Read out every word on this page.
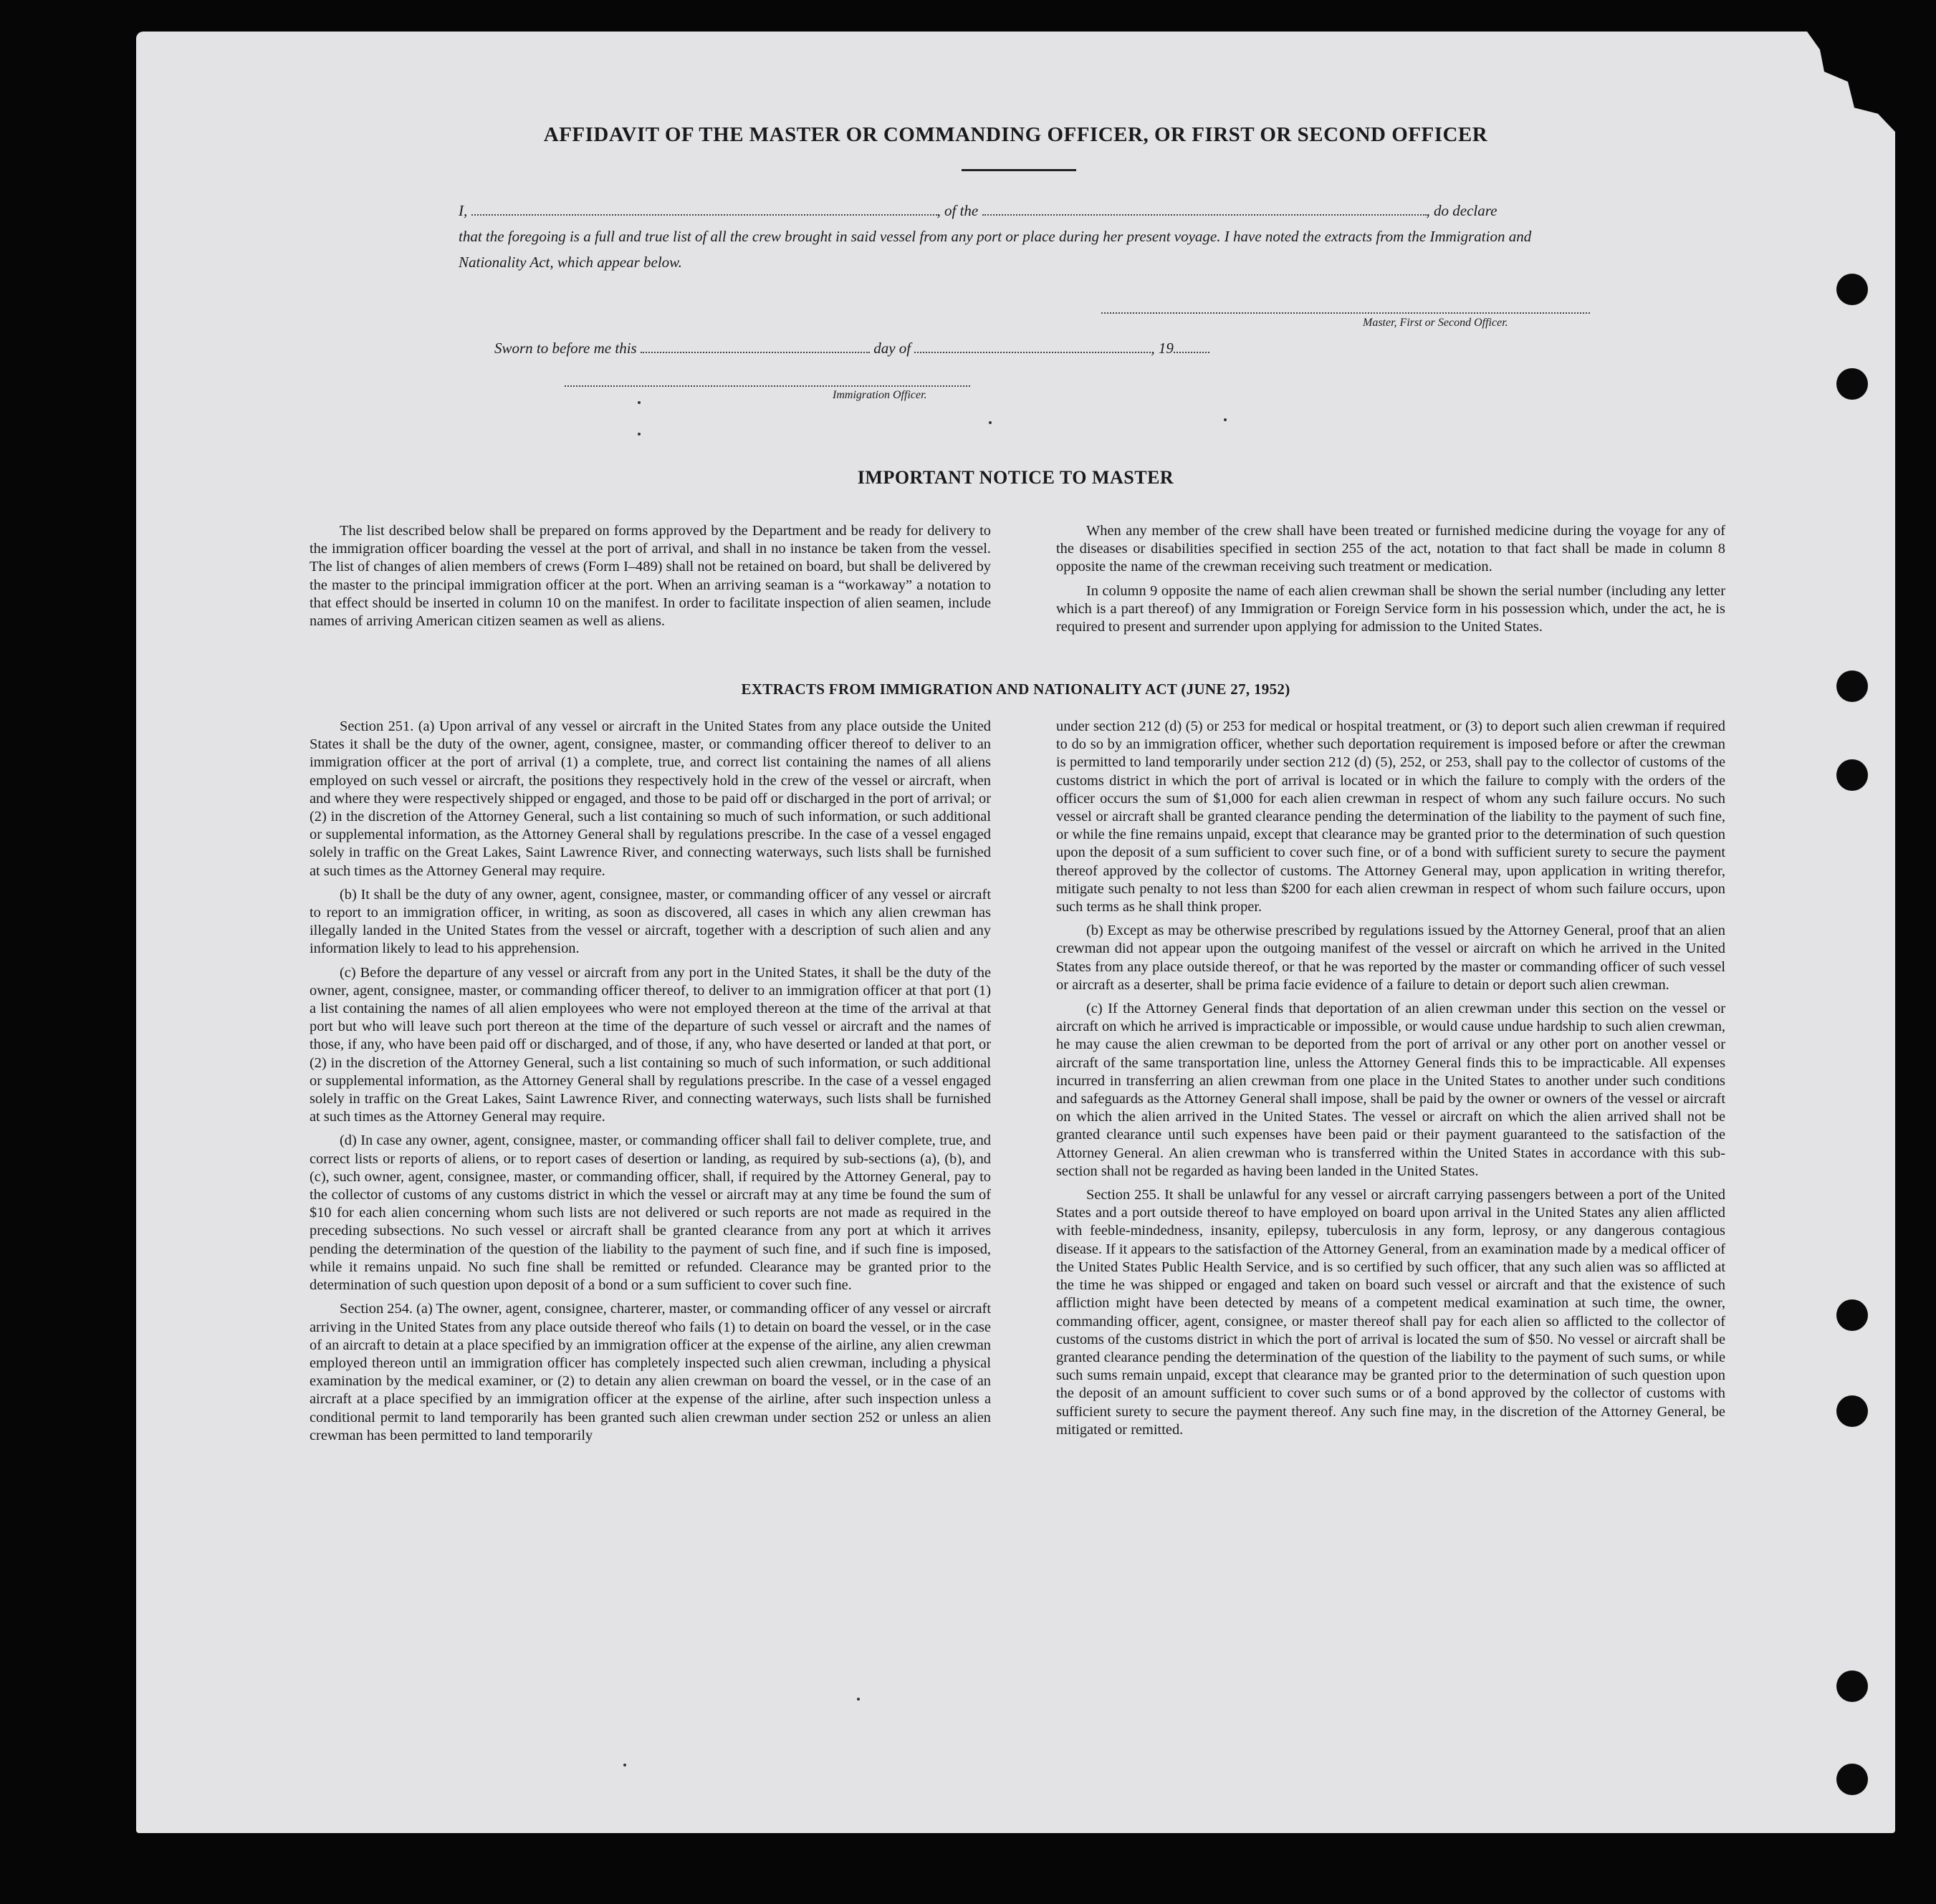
AFFIDAVIT OF THE MASTER OR COMMANDING OFFICER, OR FIRST OR SECOND OFFICER
I,	, of the	, do declare
that the foregoing is a full and true list of all the crew brought in said vessel from any port or place during her present voyage. I have noted the extracts from the Immigration and Nationality Act, which appear below.
Master, First or Second Officer.
Sworn to before me this	day of	, 19
Immigration Officer.
IMPORTANT NOTICE TO MASTER

The list described below shall be prepared on forms approved by the Department and be ready for delivery to the immigration officer boarding the vessel at the port of arrival, and shall in no instance be taken from the vessel. The list of changes of alien members of crews (Form I–489) shall not be retained on board, but shall be delivered by the master to the principal immigration officer at the port. When an arriving seaman is a “workaway” a notation to that effect should be inserted in column 10 on the manifest. In order to facilitate inspection of alien seamen, include names of arriving American citizen seamen as well as aliens.

When any member of the crew shall have been treated or furnished medicine during the voyage for any of the diseases or disabilities specified in section 255 of the act, notation to that fact shall be made in column 8 opposite the name of the crewman receiving such treatment or medication.

In column 9 opposite the name of each alien crewman shall be shown the serial number (including any letter which is a part thereof) of any Immigration or Foreign Service form in his possession which, under the act, he is required to present and surrender upon applying for admission to the United States.

EXTRACTS FROM IMMIGRATION AND NATIONALITY ACT (JUNE 27, 1952)

Section 251. (a) Upon arrival of any vessel or aircraft in the United States from any place outside the United States it shall be the duty of the owner, agent, consignee, master, or commanding officer thereof to deliver to an immigration officer at the port of arrival (1) a complete, true, and correct list containing the names of all aliens employed on such vessel or aircraft, the positions they respectively hold in the crew of the vessel or aircraft, when and where they were respectively shipped or engaged, and those to be paid off or discharged in the port of arrival; or (2) in the discretion of the Attorney General, such a list containing so much of such information, or such additional or supplemental information, as the Attorney General shall by regulations prescribe. In the case of a vessel engaged solely in traffic on the Great Lakes, Saint Lawrence River, and connecting waterways, such lists shall be furnished at such times as the Attorney General may require.

(b) It shall be the duty of any owner, agent, consignee, master, or commanding officer of any vessel or aircraft to report to an immigration officer, in writing, as soon as discovered, all cases in which any alien crewman has illegally landed in the United States from the vessel or aircraft, together with a description of such alien and any information likely to lead to his apprehension.

(c) Before the departure of any vessel or aircraft from any port in the United States, it shall be the duty of the owner, agent, consignee, master, or commanding officer thereof, to deliver to an immigration officer at that port (1) a list containing the names of all alien employees who were not employed thereon at the time of the arrival at that port but who will leave such port thereon at the time of the departure of such vessel or aircraft and the names of those, if any, who have been paid off or discharged, and of those, if any, who have deserted or landed at that port, or (2) in the discretion of the Attorney General, such a list containing so much of such information, or such additional or supplemental information, as the Attorney General shall by regulations prescribe. In the case of a vessel engaged solely in traffic on the Great Lakes, Saint Lawrence River, and connecting waterways, such lists shall be furnished at such times as the Attorney General may require.

(d) In case any owner, agent, consignee, master, or commanding officer shall fail to deliver complete, true, and correct lists or reports of aliens, or to report cases of desertion or landing, as required by sub-sections (a), (b), and (c), such owner, agent, consignee, master, or commanding officer, shall, if required by the Attorney General, pay to the collector of customs of any customs district in which the vessel or aircraft may at any time be found the sum of $10 for each alien concerning whom such lists are not delivered or such reports are not made as required in the preceding subsections. No such vessel or aircraft shall be granted clearance from any port at which it arrives pending the determination of the question of the liability to the payment of such fine, and if such fine is imposed, while it remains unpaid. No such fine shall be remitted or refunded. Clearance may be granted prior to the determination of such question upon deposit of a bond or a sum sufficient to cover such fine.

Section 254. (a) The owner, agent, consignee, charterer, master, or commanding officer of any vessel or aircraft arriving in the United States from any place outside thereof who fails (1) to detain on board the vessel, or in the case of an aircraft to detain at a place specified by an immigration officer at the expense of the airline, any alien crewman employed thereon until an immigration officer has completely inspected such alien crewman, including a physical examination by the medical examiner, or (2) to detain any alien crewman on board the vessel, or in the case of an aircraft at a place specified by an immigration officer at the expense of the airline, after such inspection unless a conditional permit to land temporarily has been granted such alien crewman under section 252 or unless an alien crewman has been permitted to land temporarily

under section 212 (d) (5) or 253 for medical or hospital treatment, or (3) to deport such alien crewman if required to do so by an immigration officer, whether such deportation requirement is imposed before or after the crewman is permitted to land temporarily under section 212 (d) (5), 252, or 253, shall pay to the collector of customs of the customs district in which the port of arrival is located or in which the failure to comply with the orders of the officer occurs the sum of $1,000 for each alien crewman in respect of whom any such failure occurs. No such vessel or aircraft shall be granted clearance pending the determination of the liability to the payment of such fine, or while the fine remains unpaid, except that clearance may be granted prior to the determination of such question upon the deposit of a sum sufficient to cover such fine, or of a bond with sufficient surety to secure the payment thereof approved by the collector of customs. The Attorney General may, upon application in writing therefor, mitigate such penalty to not less than $200 for each alien crewman in respect of whom such failure occurs, upon such terms as he shall think proper.

(b) Except as may be otherwise prescribed by regulations issued by the Attorney General, proof that an alien crewman did not appear upon the outgoing manifest of the vessel or aircraft on which he arrived in the United States from any place outside thereof, or that he was reported by the master or commanding officer of such vessel or aircraft as a deserter, shall be prima facie evidence of a failure to detain or deport such alien crewman.

(c) If the Attorney General finds that deportation of an alien crewman under this section on the vessel or aircraft on which he arrived is impracticable or impossible, or would cause undue hardship to such alien crewman, he may cause the alien crewman to be deported from the port of arrival or any other port on another vessel or aircraft of the same transportation line, unless the Attorney General finds this to be impracticable. All expenses incurred in transferring an alien crewman from one place in the United States to another under such conditions and safeguards as the Attorney General shall impose, shall be paid by the owner or owners of the vessel or aircraft on which the alien arrived in the United States. The vessel or aircraft on which the alien arrived shall not be granted clearance until such expenses have been paid or their payment guaranteed to the satisfaction of the Attorney General. An alien crewman who is transferred within the United States in accordance with this sub-section shall not be regarded as having been landed in the United States.

Section 255. It shall be unlawful for any vessel or aircraft carrying passengers between a port of the United States and a port outside thereof to have employed on board upon arrival in the United States any alien afflicted with feeble-mindedness, insanity, epilepsy, tuberculosis in any form, leprosy, or any dangerous contagious disease. If it appears to the satisfaction of the Attorney General, from an examination made by a medical officer of the United States Public Health Service, and is so certified by such officer, that any such alien was so afflicted at the time he was shipped or engaged and taken on board such vessel or aircraft and that the existence of such affliction might have been detected by means of a competent medical examination at such time, the owner, commanding officer, agent, consignee, or master thereof shall pay for each alien so afflicted to the collector of customs of the customs district in which the port of arrival is located the sum of $50. No vessel or aircraft shall be granted clearance pending the determination of the question of the liability to the payment of such sums, or while such sums remain unpaid, except that clearance may be granted prior to the determination of such question upon the deposit of an amount sufficient to cover such sums or of a bond approved by the collector of customs with sufficient surety to secure the payment thereof. Any such fine may, in the discretion of the Attorney General, be mitigated or remitted.
